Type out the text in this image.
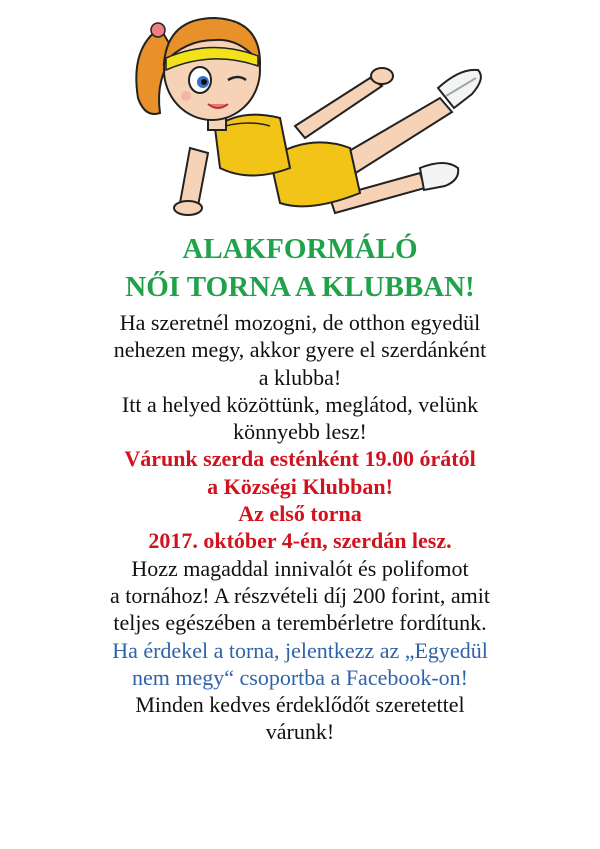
ALAKFORMÁLÓ
NŐI TORNA A KLUBBAN!
Ha szeretnél mozogni, de otthon egyedül
nehezen megy, akkor gyere el szerdánként
a klubba!
Itt a helyed közöttünk, meglátod, velünk
könnyebb lesz!
Várunk szerda esténként 19.00 órától
a Községi Klubban!
Az első torna
2017. október 4-én, szerdán lesz.
Hozz magaddal innivalót és polifomot
a tornához! A részvételi díj 200 forint, amit
teljes egészében a terembérletre fordítunk.
Ha érdekel a torna, jelentkezz az „Egyedül
nem megy“ csoportba a Facebook-on!
Minden kedves érdeklődőt szeretettel
várunk!
